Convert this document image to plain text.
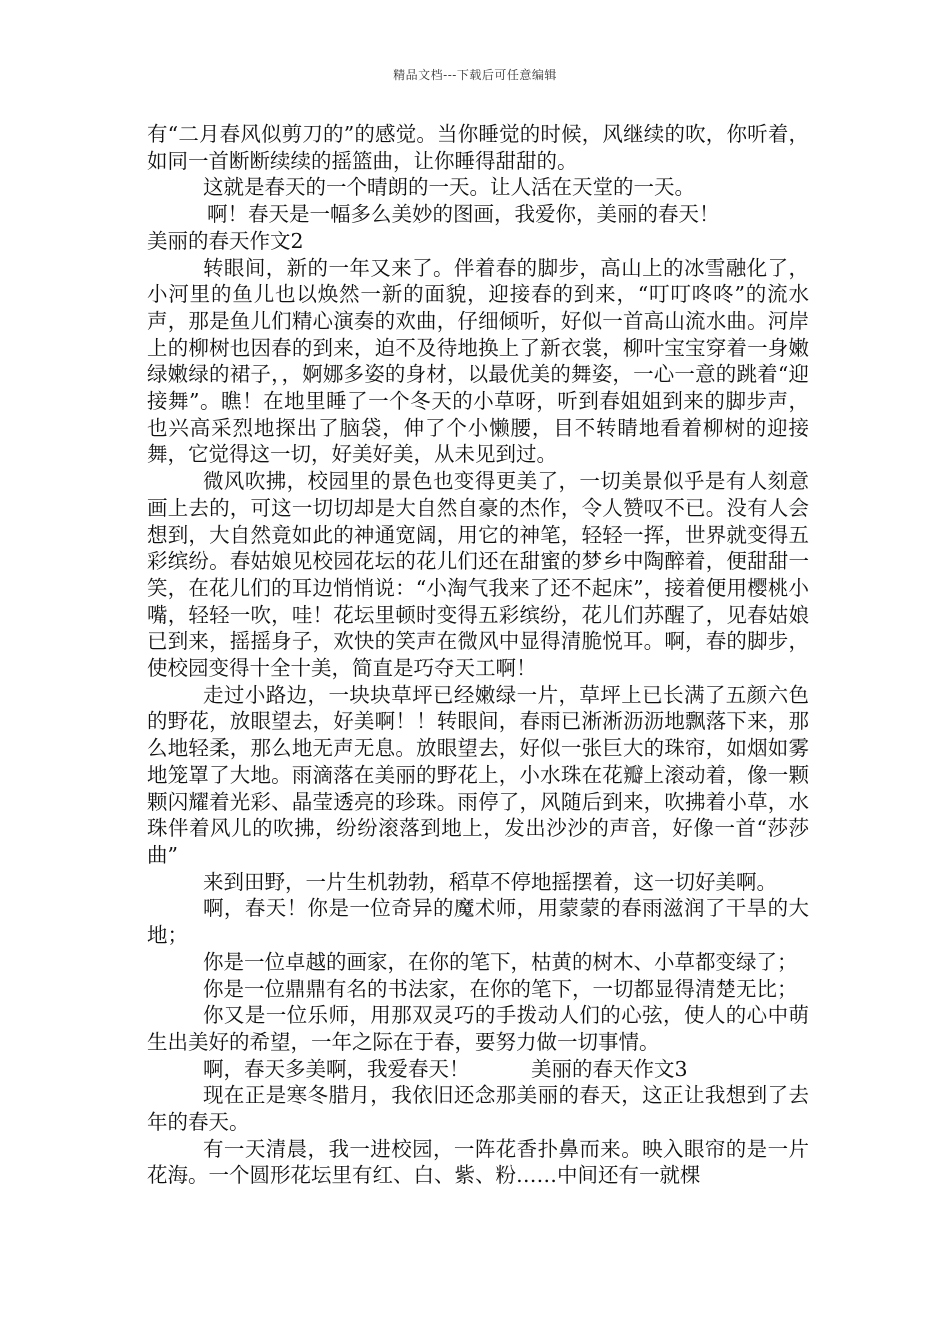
精品文档---下载后可任意编辑

有“二月春风似剪刀的”的感觉。当你睡觉的时候，风继续的吹，你听着，如同一首断断续续的摇篮曲，让你睡得甜甜的。

这就是春天的一个晴朗的一天。让人活在天堂的一天。

啊！春天是一幅多么美妙的图画，我爱你，美丽的春天！

美丽的春天作文2

转眼间，新的一年又来了。伴着春的脚步，高山上的冰雪融化了，小河里的鱼儿也以焕然一新的面貌，迎接春的到来，“叮叮咚咚”的流水声，那是鱼儿们精心演奏的欢曲，仔细倾听，好似一首高山流水曲。河岸上的柳树也因春的到来，迫不及待地换上了新衣裳，柳叶宝宝穿着一身嫩绿嫩绿的裙子，，婀娜多姿的身材，以最优美的舞姿，一心一意的跳着“迎接舞”。瞧！在地里睡了一个冬天的小草呀，听到春姐姐到来的脚步声，也兴高采烈地探出了脑袋，伸了个小懒腰，目不转睛地看着柳树的迎接舞，它觉得这一切，好美好美，从未见到过。

微风吹拂，校园里的景色也变得更美了，一切美景似乎是有人刻意画上去的，可这一切切却是大自然自豪的杰作，令人赞叹不已。没有人会想到，大自然竟如此的神通宽阔，用它的神笔，轻轻一挥，世界就变得五彩缤纷。春姑娘见校园花坛的花儿们还在甜蜜的梦乡中陶醉着，便甜甜一笑，在花儿们的耳边悄悄说：“小淘气我来了还不起床”，接着便用樱桃小嘴，轻轻一吹，哇！花坛里顿时变得五彩缤纷，花儿们苏醒了，见春姑娘已到来，摇摇身子，欢快的笑声在微风中显得清脆悦耳。啊，春的脚步，使校园变得十全十美，简直是巧夺天工啊！

走过小路边，一块块草坪已经嫩绿一片，草坪上已长满了五颜六色的野花，放眼望去，好美啊！！转眼间，春雨已淅淅沥沥地飘落下来，那么地轻柔，那么地无声无息。放眼望去，好似一张巨大的珠帘，如烟如雾地笼罩了大地。雨滴落在美丽的野花上，小水珠在花瓣上滚动着，像一颗颗闪耀着光彩、晶莹透亮的珍珠。雨停了，风随后到来，吹拂着小草，水珠伴着风儿的吹拂，纷纷滚落到地上，发出沙沙的声音，好像一首“莎莎曲”

来到田野，一片生机勃勃，稻草不停地摇摆着，这一切好美啊。

啊，春天！你是一位奇异的魔术师，用蒙蒙的春雨滋润了干旱的大地；

你是一位卓越的画家，在你的笔下，枯黄的树木、小草都变绿了；

你是一位鼎鼎有名的书法家，在你的笔下，一切都显得清楚无比；

你又是一位乐师，用那双灵巧的手拨动人们的心弦，使人的心中萌生出美好的希望，一年之际在于春，要努力做一切事情。

啊，春天多美啊，我爱春天！　　　美丽的春天作文3

现在正是寒冬腊月，我依旧还念那美丽的春天，这正让我想到了去年的春天。

有一天清晨，我一进校园，一阵花香扑鼻而来。映入眼帘的是一片花海。一个圆形花坛里有红、白、紫、粉……中间还有一就棵
